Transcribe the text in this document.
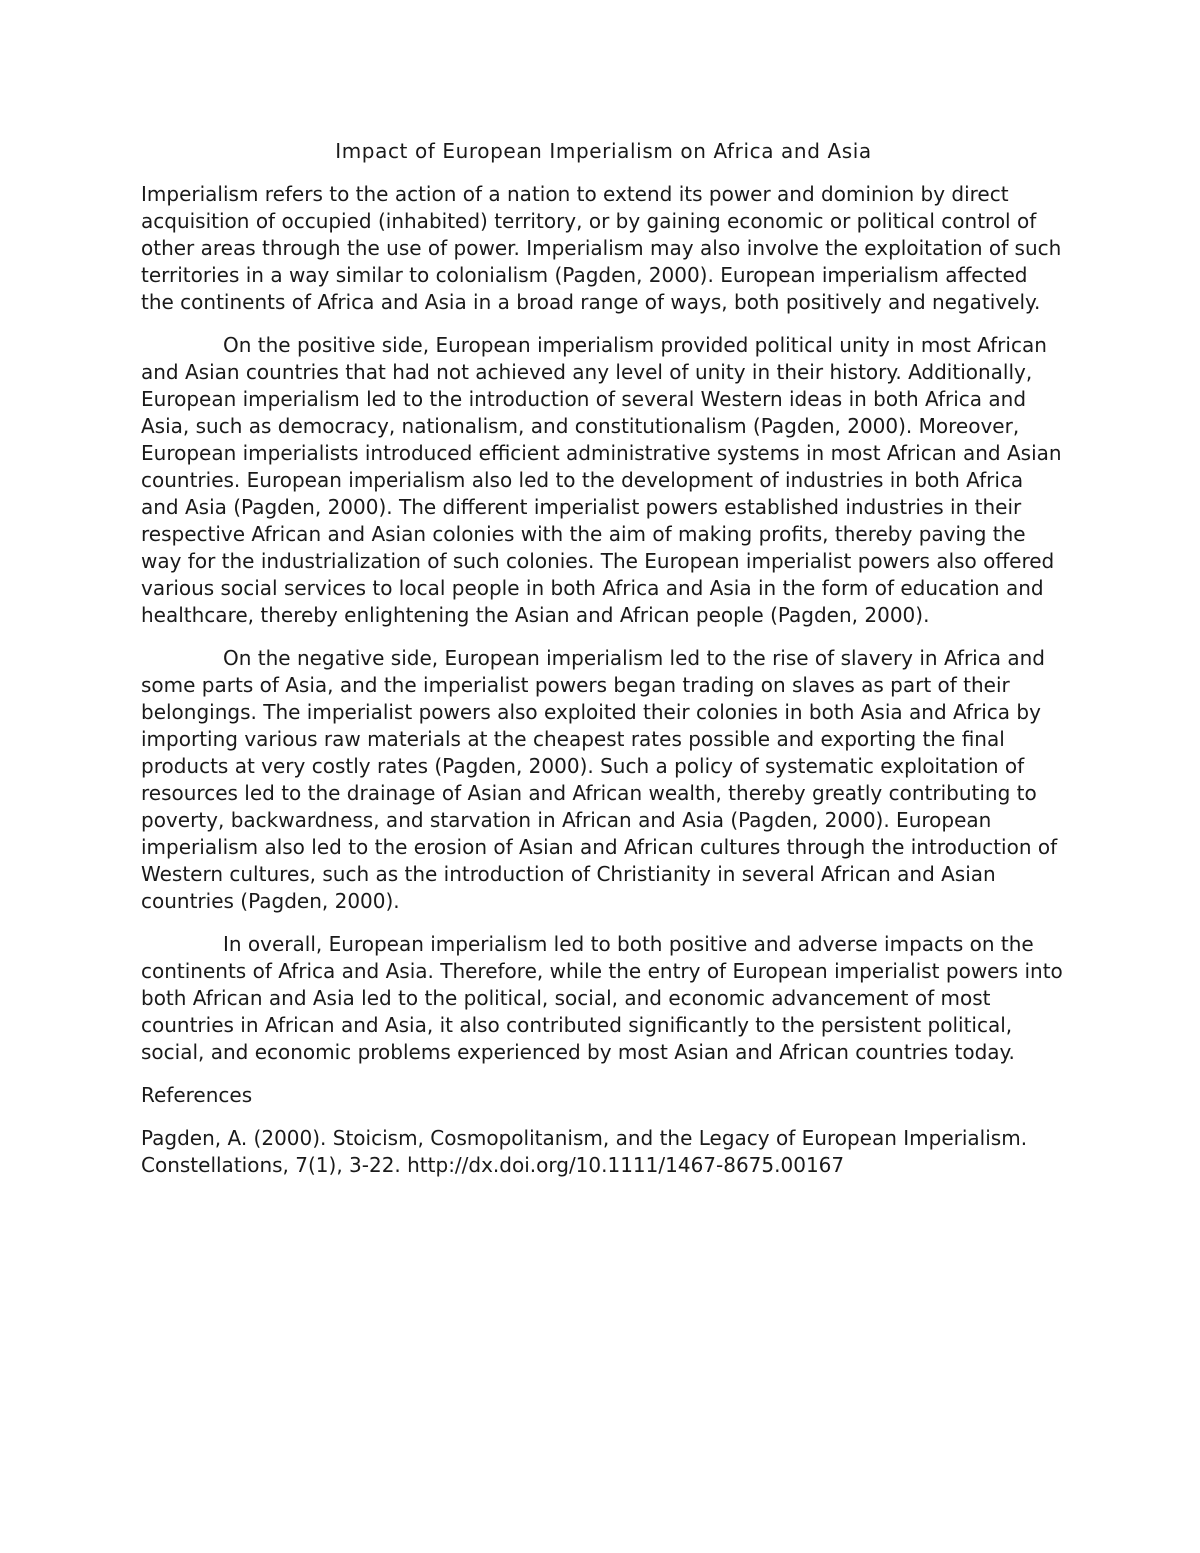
Impact of European Imperialism on Africa and Asia

Imperialism refers to the action of a nation to extend its power and dominion by direct acquisition of occupied (inhabited) territory, or by gaining economic or political control of other areas through the use of power. Imperialism may also involve the exploitation of such territories in a way similar to colonialism (Pagden, 2000). European imperialism affected the continents of Africa and Asia in a broad range of ways, both positively and negatively.

On the positive side, European imperialism provided political unity in most African and Asian countries that had not achieved any level of unity in their history. Additionally, European imperialism led to the introduction of several Western ideas in both Africa and Asia, such as democracy, nationalism, and constitutionalism (Pagden, 2000). Moreover, European imperialists introduced efficient administrative systems in most African and Asian countries. European imperialism also led to the development of industries in both Africa and Asia (Pagden, 2000). The different imperialist powers established industries in their respective African and Asian colonies with the aim of making profits, thereby paving the way for the industrialization of such colonies. The European imperialist powers also offered various social services to local people in both Africa and Asia in the form of education and healthcare, thereby enlightening the Asian and African people (Pagden, 2000).

On the negative side, European imperialism led to the rise of slavery in Africa and some parts of Asia, and the imperialist powers began trading on slaves as part of their belongings. The imperialist powers also exploited their colonies in both Asia and Africa by importing various raw materials at the cheapest rates possible and exporting the final products at very costly rates (Pagden, 2000). Such a policy of systematic exploitation of resources led to the drainage of Asian and African wealth, thereby greatly contributing to poverty, backwardness, and starvation in African and Asia (Pagden, 2000). European imperialism also led to the erosion of Asian and African cultures through the introduction of Western cultures, such as the introduction of Christianity in several African and Asian countries (Pagden, 2000).

In overall, European imperialism led to both positive and adverse impacts on the continents of Africa and Asia. Therefore, while the entry of European imperialist powers into both African and Asia led to the political, social, and economic advancement of most countries in African and Asia, it also contributed significantly to the persistent political, social, and economic problems experienced by most Asian and African countries today.

References

Pagden, A. (2000). Stoicism, Cosmopolitanism, and the Legacy of European Imperialism. Constellations, 7(1), 3-22. http://dx.doi.org/10.1111/1467-8675.00167
